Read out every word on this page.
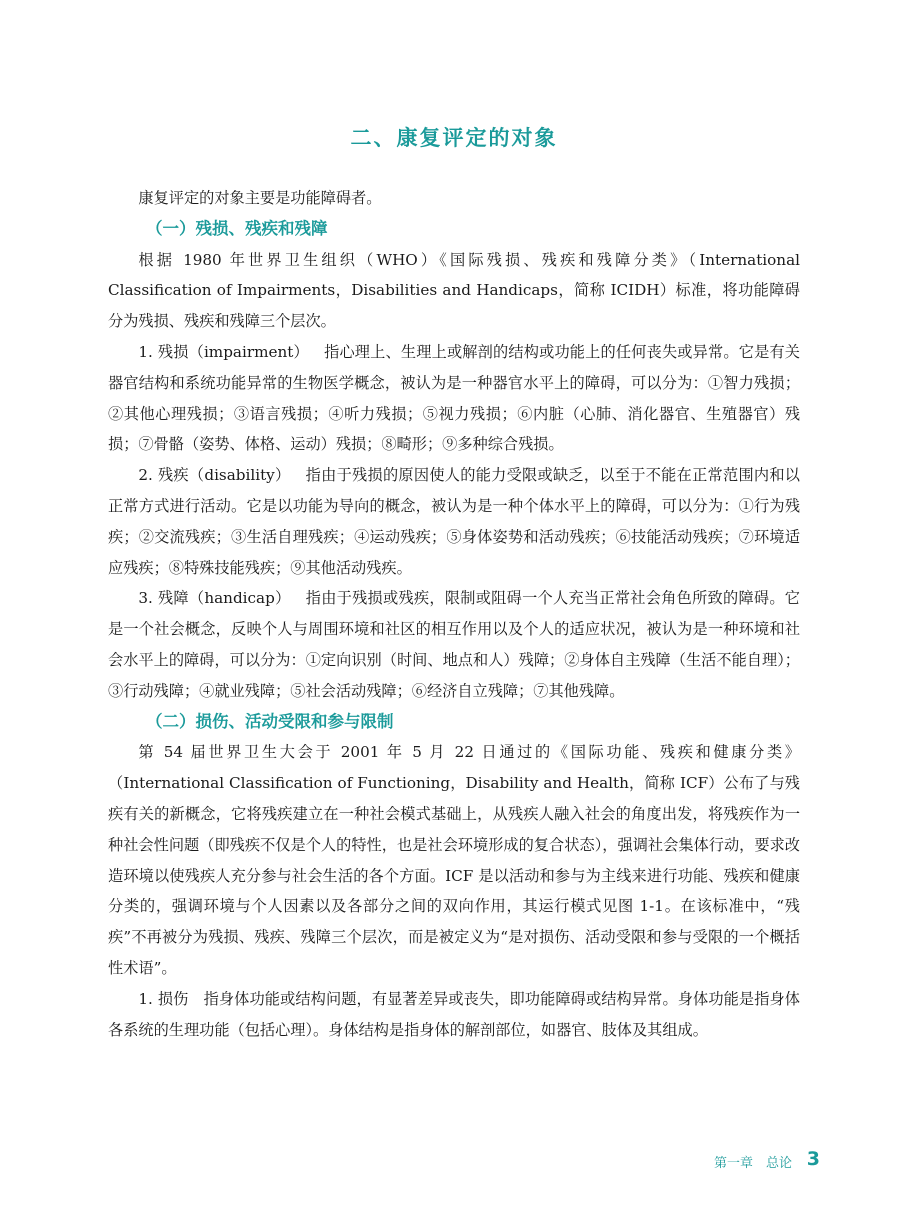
二、康复评定的对象

康复评定的对象主要是功能障碍者。

（一）残损、残疾和残障

根据 1980 年世界卫生组织（WHO）《国际残损、残疾和残障分类》（International Classification of Impairments，Disabilities and Handicaps，简称 ICIDH）标准，将功能障碍分为残损、残疾和残障三个层次。

1. 残损（impairment） 指心理上、生理上或解剖的结构或功能上的任何丧失或异常。它是有关器官结构和系统功能异常的生物医学概念，被认为是一种器官水平上的障碍，可以分为：①智力残损；②其他心理残损；③语言残损；④听力残损；⑤视力残损；⑥内脏（心肺、消化器官、生殖器官）残损；⑦骨骼（姿势、体格、运动）残损；⑧畸形；⑨多种综合残损。

2. 残疾（disability） 指由于残损的原因使人的能力受限或缺乏，以至于不能在正常范围内和以正常方式进行活动。它是以功能为导向的概念，被认为是一种个体水平上的障碍，可以分为：①行为残疾；②交流残疾；③生活自理残疾；④运动残疾；⑤身体姿势和活动残疾；⑥技能活动残疾；⑦环境适应残疾；⑧特殊技能残疾；⑨其他活动残疾。

3. 残障（handicap） 指由于残损或残疾，限制或阻碍一个人充当正常社会角色所致的障碍。它是一个社会概念，反映个人与周围环境和社区的相互作用以及个人的适应状况，被认为是一种环境和社会水平上的障碍，可以分为：①定向识别（时间、地点和人）残障；②身体自主残障（生活不能自理）；③行动残障；④就业残障；⑤社会活动残障；⑥经济自立残障；⑦其他残障。

（二）损伤、活动受限和参与限制

第 54 届世界卫生大会于 2001 年 5 月 22 日通过的《国际功能、残疾和健康分类》（International Classification of Functioning，Disability and Health，简称 ICF）公布了与残疾有关的新概念，它将残疾建立在一种社会模式基础上，从残疾人融入社会的角度出发，将残疾作为一种社会性问题（即残疾不仅是个人的特性，也是社会环境形成的复合状态），强调社会集体行动，要求改造环境以使残疾人充分参与社会生活的各个方面。ICF 是以活动和参与为主线来进行功能、残疾和健康分类的，强调环境与个人因素以及各部分之间的双向作用，其运行模式见图 1-1。在该标准中，“残疾”不再被分为残损、残疾、残障三个层次，而是被定义为“是对损伤、活动受限和参与受限的一个概括性术语”。

1. 损伤 指身体功能或结构问题，有显著差异或丧失，即功能障碍或结构异常。身体功能是指身体各系统的生理功能（包括心理）。身体结构是指身体的解剖部位，如器官、肢体及其组成。

第一章　总论 3
